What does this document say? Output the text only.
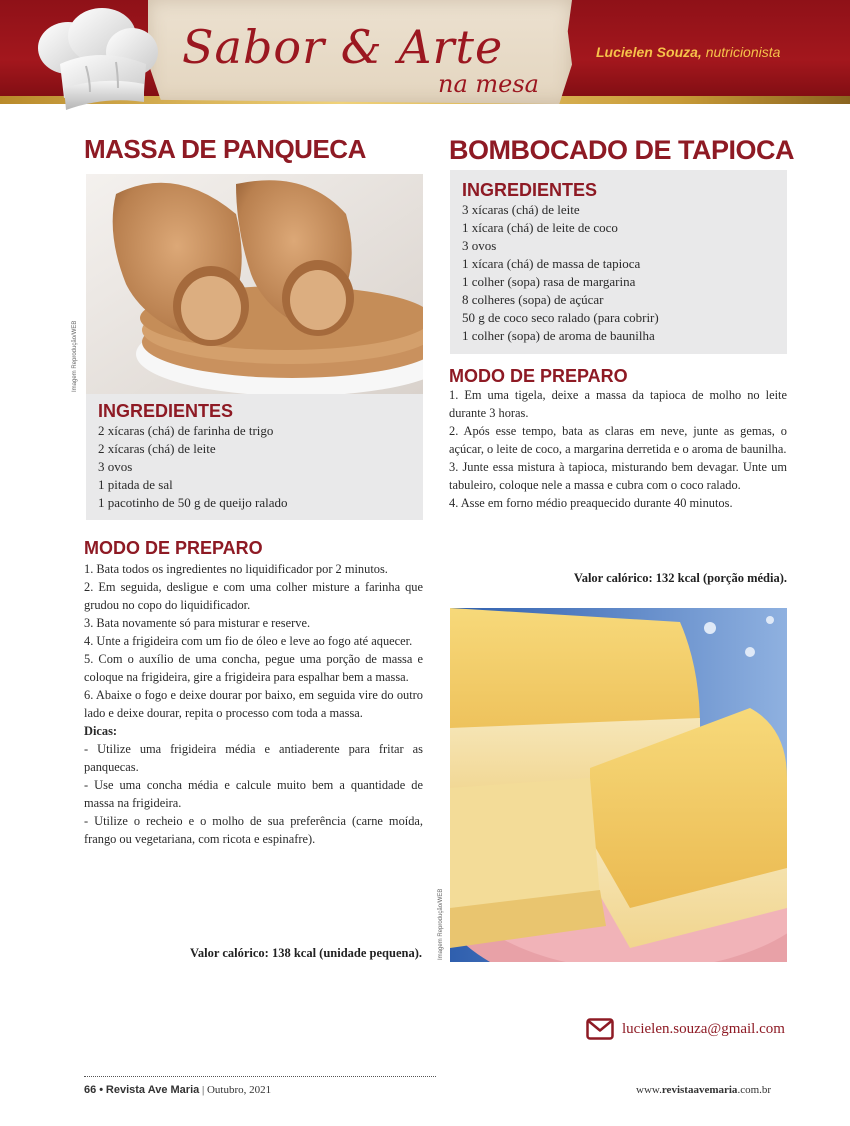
Sabor & Arte
na mesa
Lucielen Souza, nutricionista
MASSA DE PANQUECA
Imagem Reprodução/WEB
INGREDIENTES
2 xícaras (chá) de farinha de trigo
2 xícaras (chá) de leite
3 ovos
1 pitada de sal
1 pacotinho de 50 g de queijo ralado
MODO DE PREPARO

1. Bata todos os ingredientes no liquidificador por 2 minutos.

2. Em seguida, desligue e com uma colher misture a farinha que grudou no copo do liquidificador.

3. Bata novamente só para misturar e reserve.

4. Unte a frigideira com um fio de óleo e leve ao fogo até aquecer.

5. Com o auxílio de uma concha, pegue uma porção de massa e coloque na frigideira, gire a frigideira para espalhar bem a massa.

6. Abaixe o fogo e deixe dourar por baixo, em seguida vire do outro lado e deixe dourar, repita o processo com toda a massa.

Dicas:

- Utilize uma frigideira média e antiaderente para fritar as panquecas.

- Use uma concha média e calcule muito bem a quantidade de massa na frigideira.

- Utilize o recheio e o molho de sua preferência (carne moída, frango ou vegetariana, com ricota e espinafre).

Valor calórico: 138 kcal (unidade pequena).
BOMBOCADO DE TAPIOCA
INGREDIENTES
3 xícaras (chá) de leite
1 xícara (chá) de leite de coco
3 ovos
1 xícara (chá) de massa de tapioca
1 colher (sopa) rasa de margarina
8 colheres (sopa) de açúcar
50 g de coco seco ralado (para cobrir)
1 colher (sopa) de aroma de baunilha
MODO DE PREPARO

1. Em uma tigela, deixe a massa da tapioca de molho no leite durante 3 horas.

2. Após esse tempo, bata as claras em neve, junte as gemas, o açúcar, o leite de coco, a margarina derretida e o aroma de baunilha.

3. Junte essa mistura à tapioca, misturando bem devagar. Unte um tabuleiro, coloque nele a massa e cubra com o coco ralado.

4. Asse em forno médio preaquecido durante 40 minutos.

Valor calórico: 132 kcal (porção média).
Imagem Reprodução/WEB
lucielen.souza@gmail.com
66 • Revista Ave Maria | Outubro, 2021	www.revistaavemaria.com.br
